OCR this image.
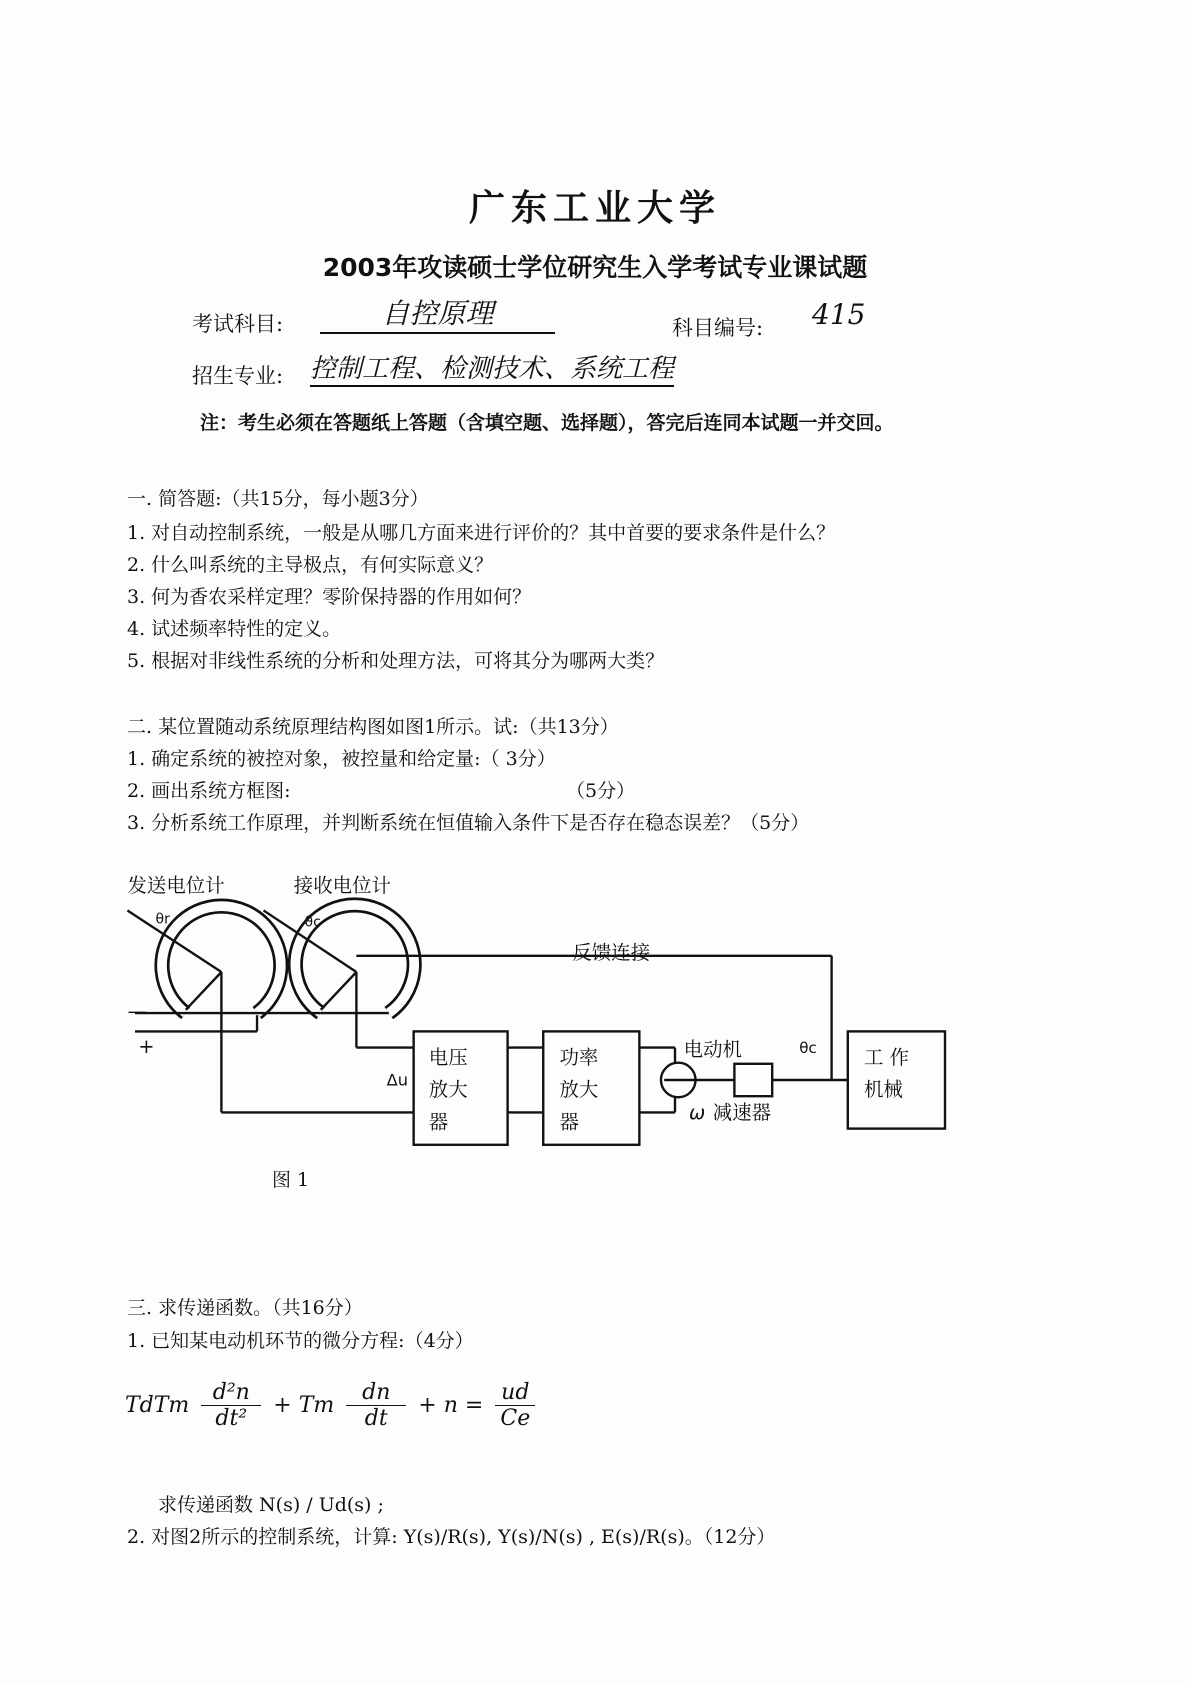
广东工业大学
2003年攻读硕士学位研究生入学考试专业课试题
考试科目:	自控原理	科目编号: 415
招生专业: 控制工程、检测技术、系统工程
注：考生必须在答题纸上答题（含填空题、选择题），答完后连同本试题一并交回。
一. 简答题:（共15分，每小题3分）
1. 对自动控制系统，一般是从哪几方面来进行评价的？其中首要的要求条件是什么？
2. 什么叫系统的主导极点，有何实际意义？
3. 何为香农采样定理？零阶保持器的作用如何？
4. 试述频率特性的定义。
5. 根据对非线性系统的分析和处理方法，可将其分为哪两大类？
二. 某位置随动系统原理结构图如图1所示。试:（共13分）
1. 确定系统的被控对象，被控量和给定量:（ 3分）
2. 画出系统方框图:	（5分）
3. 分析系统工作原理，并判断系统在恒值输入条件下是否存在稳态误差？（5分）
发送电位计	接收电位计
θr	θc
反馈连接
—
+
Δu
电压
放大
器
功率
放大
器
电动机
ω 减速器
θc	工 作
机械
图 1
三. 求传递函数。（共16分）
1. 已知某电动机环节的微分方程:（4分）
TdTm $\frac{\text{d²n}}{\text{dt²}} + Tm \frac{dn}{dt} + n = \frac{ud}{Ce}$
求传递函数 N(s) / Ud(s) ;
2. 对图2所示的控制系统，计算: Y(s)/R(s), Y(s)/N(s) , E(s)/R(s)。（12分）
